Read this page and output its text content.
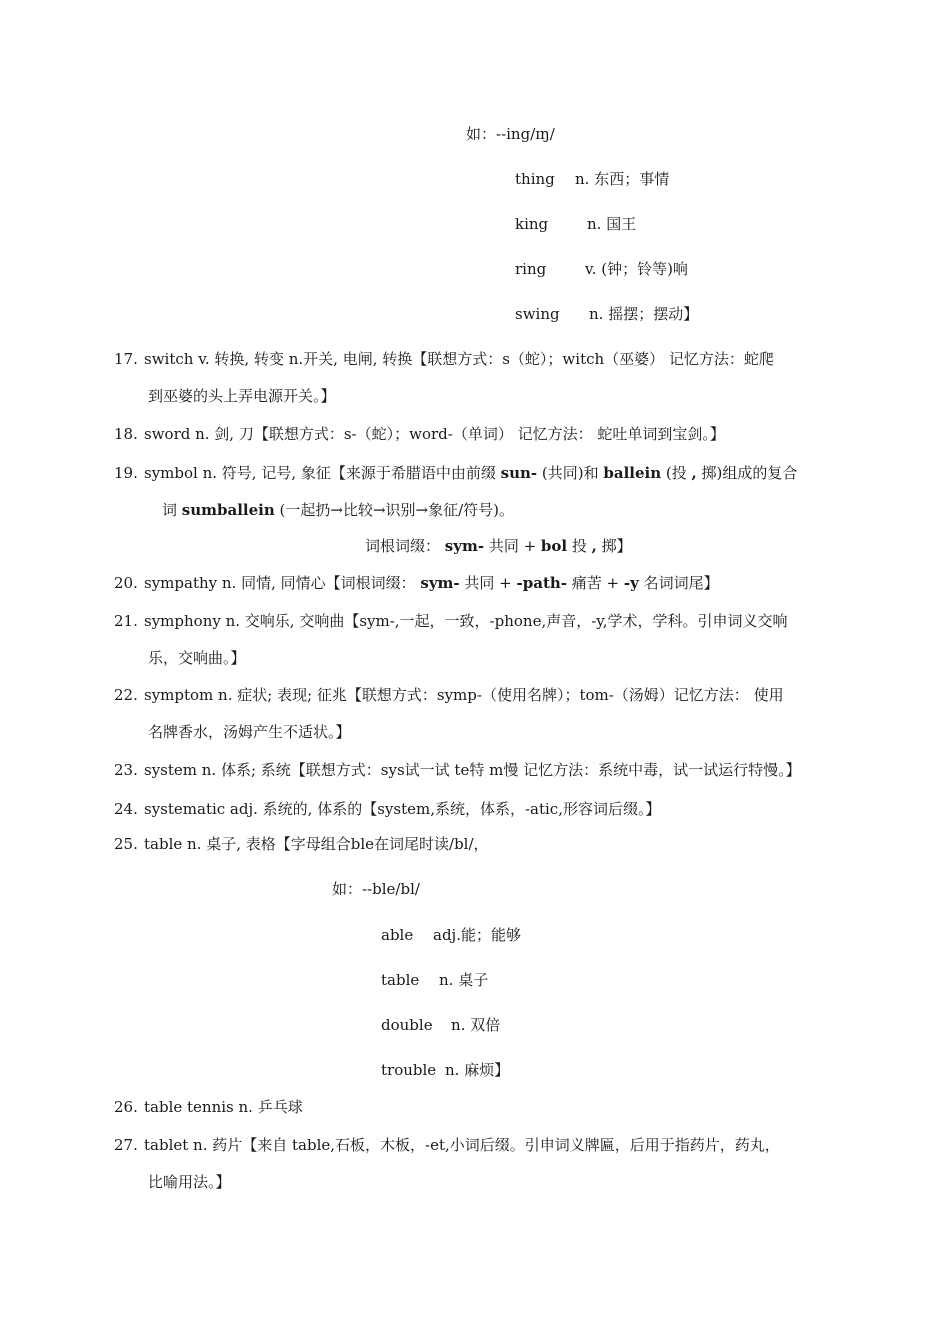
如：--ing/ɪŋ/
thing n. 东西；事情
king	n. 国王
ring	v. (钟；铃等)响
swing n. 摇摆；摆动】
17. switch v. 转换, 转变 n.开关, 电闸, 转换【联想方式：s（蛇）；witch（巫婆） 记忆方法：蛇爬
到巫婆的头上弄电源开关。】
18. sword n. 剑, 刀【联想方式：s-（蛇）；word-（单词） 记忆方法： 蛇吐单词到宝剑。】
19. symbol n. 符号, 记号, 象征【来源于希腊语中由前缀 sun- (共同)和 ballein (投 , 掷)组成的复合
词 sumballein (一起扔→比较→识别→象征/符号)。
词根词缀： sym- 共同 + bol 投 , 掷】
20. sympathy n. 同情, 同情心【词根词缀： sym- 共同 + -path- 痛苦 + -y 名词词尾】
21. symphony n. 交响乐, 交响曲【sym-,一起，一致，-phone,声音，-y,学术，学科。引申词义交响
乐，交响曲。】
22. symptom n. 症状; 表现; 征兆【联想方式：symp-（使用名牌）；tom-（汤姆）记忆方法： 使用
名牌香水，汤姆产生不适状。】
23. system n. 体系; 系统【联想方式：sys试一试 te特 m慢 记忆方法：系统中毒，试一试运行特慢。】
24. systematic adj. 系统的, 体系的【system,系统，体系，-atic,形容词后缀。】
25. table n. 桌子, 表格【字母组合ble在词尾时读/bl/，
如：--ble/bl/
able adj.能；能够
table n. 桌子
double n. 双倍
trouble n. 麻烦】
26. table tennis n. 乒乓球
27. tablet n. 药片【来自 table,石板，木板，-et,小词后缀。引申词义牌匾，后用于指药片，药丸，
比喻用法。】
